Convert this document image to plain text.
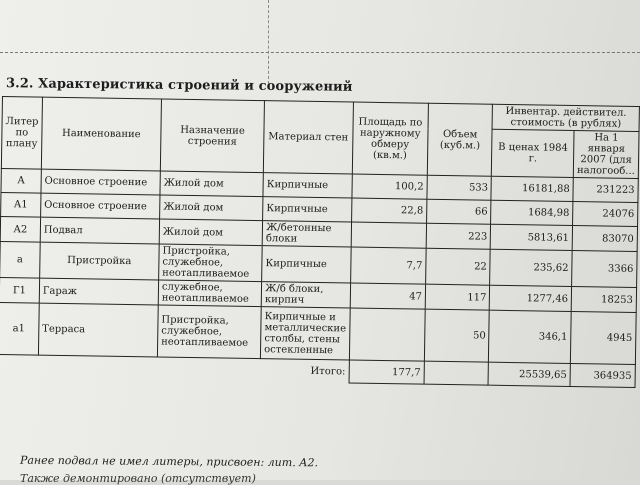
3.2. Характеристика строений и сооружений
Литер по плану	Наименование	Назначение строения	Материал стен	Площадь по наружному обмеру (кв.м.)	Объем (куб.м.)	Инвентар. действител. стоимость (в рублях)	
						В ценах 1984 г.	На 1 января 2007 (для налогооб...
А	Основное строение	Жилой дом	Кирпичные	100,2	533	16181,88	231223
А1	Основное строение	Жилой дом	Кирпичные	22,8	66	1684,98	24076
А2	Подвал	Жилой дом	Ж/бетонные блоки		223	5813,61	83070
а	Пристройка	Пристройка, служебное, неотапливаемое	Кирпичные	7,7	22	235,62	3366
Г1	Гараж	служебное, неотапливаемое	Ж/б блоки, кирпич	47	117	1277,46	18253
а1	Терраса	Пристройка, служебное, неотапливаемое	Кирпичные и металлические столбы, стены остекленные		50	346,1	4945
			Итого:	177,7		25539,65	364935
Ранее подвал не имел литеры, присвоен: лит. А2.
Также демонтировано (отсутствует)
